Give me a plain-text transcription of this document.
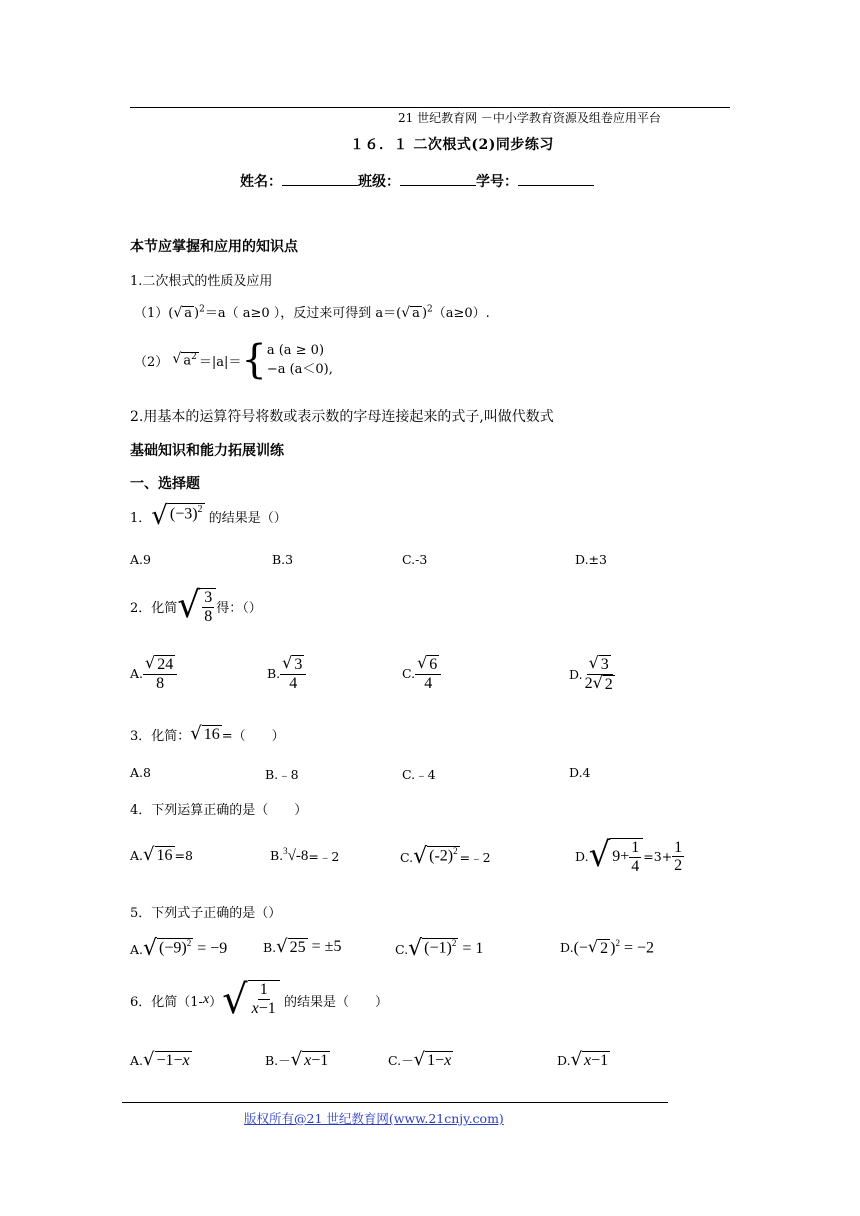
21 世纪教育网 －中小学教育资源及组卷应用平台
１６．１ 二次根式(2)同步练习
姓名：	班级：	学号：
本节应掌握和应用的知识点
1.二次根式的性质及应用
（1）( √ a )$^2$＝a（ a≥0 ），反过来可得到 a＝( √ a )$^2$（a≥0）.
（2）
√ $a^2 =|a|=$ { a (a ≥ 0)
−a (a＜0),
2.用基本的运算符号将数或表示数的字母连接起来的式子,叫做代数式
基础知识和能力拓展训练
一、选择题
1． √ $(-3)^2$

的结果是（）
A.9	B.3	C.-3	D.±3
2．化简 √ $\frac{3}{8}$ 得：（）
A. $\frac{√ 24}{8}$	B. $\frac{√ 3}{4}$	C. $\frac{√ 6}{4}$	D. $\frac{√ 3}{2 √ 2}$
3．化简： √ 16 =（　　）
A.8	B.﹣8	C.﹣4	D.4
4．下列运算正确的是（　　）
A. √ 16 =8	B. $^3$√-8 =﹣2	C. √ $(-2)^2$ =﹣2	D. √ $9+ \frac{1}{4} =3+ \frac{1}{2}$
5．下列式子正确的是（）
A. √ $(-9)^2 = -9$	B. √ 25 = ±5	C. √ $(-1)^2 = 1$	D. (− √ 2 )$^2$ = −2
6．化简（1- x ） √ $\frac{1}{x-1}$
的结果是（　　）
A. √ −1−x	B.－ √ x−1	C.－ √ 1−x	D. √ x−1
版权所有@21 世纪教育网(www.21cnjy.com)
